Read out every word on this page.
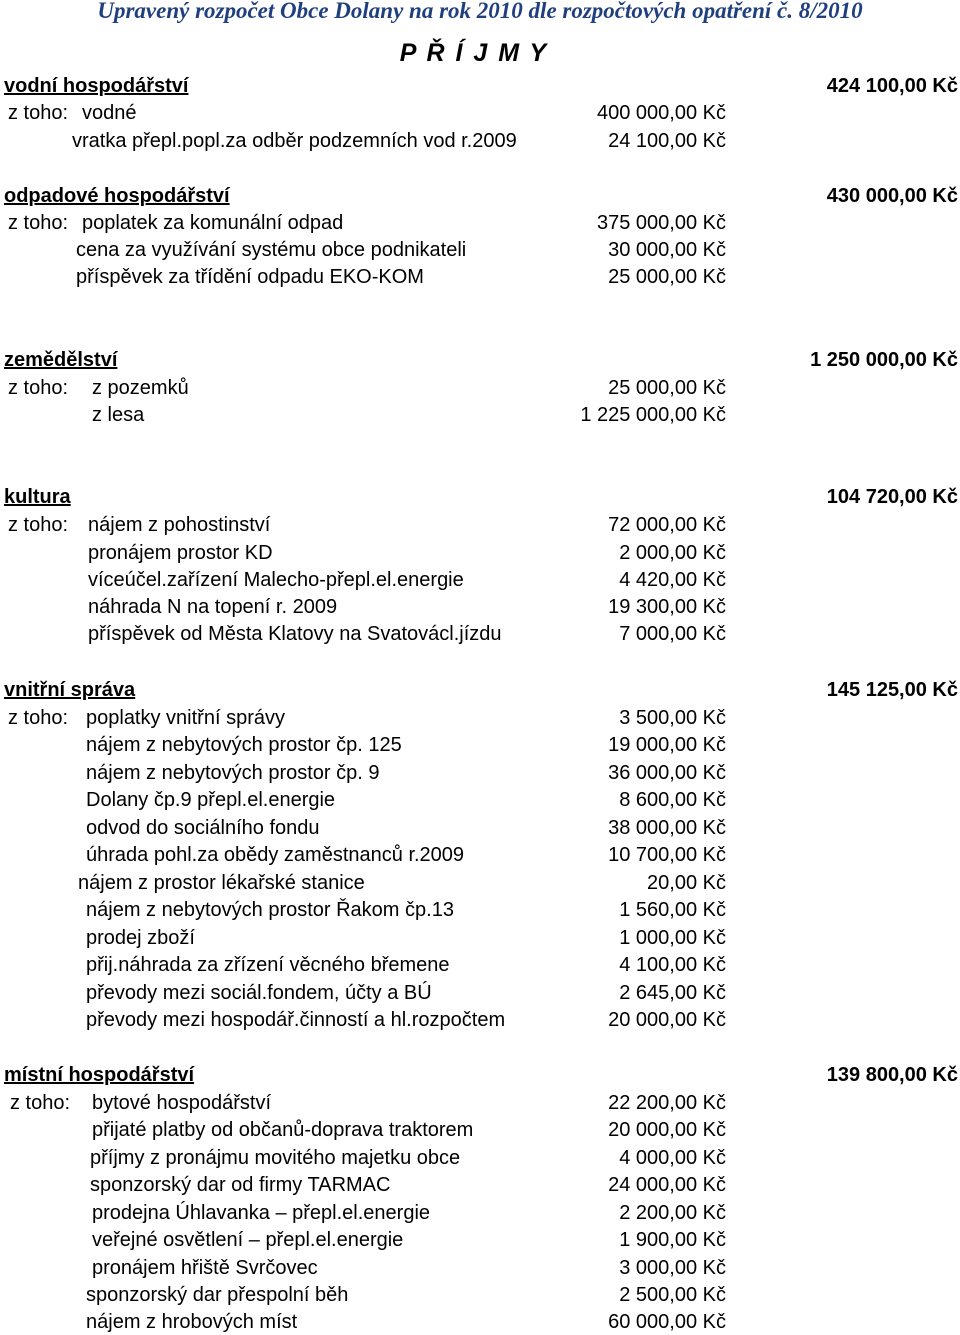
Upravený rozpočet Obce Dolany na rok 2010 dle rozpočtových opatření č. 8/2010
P Ř Í J M Y
vodní hospodářství	424 100,00 Kč
z toho: vodné	400 000,00 Kč
vratka přepl.popl.za odběr podzemních vod r.2009	24 100,00 Kč
odpadové hospodářství	430 000,00 Kč
z toho: poplatek za komunální odpad	375 000,00 Kč
cena za využívání systému obce podnikateli	30 000,00 Kč
příspěvek za třídění odpadu EKO-KOM	25 000,00 Kč
zemědělství	1 250 000,00 Kč
z toho: z pozemků	25 000,00 Kč
z lesa	1 225 000,00 Kč
kultura	104 720,00 Kč
z toho: nájem z pohostinství	72 000,00 Kč
pronájem prostor KD	2 000,00 Kč
víceúčel.zařízení Malecho-přepl.el.energie	4 420,00 Kč
náhrada N na topení r. 2009	19 300,00 Kč
příspěvek od Města Klatovy na Svatovácl.jízdu	7 000,00 Kč
vnitřní správa	145 125,00 Kč
z toho: poplatky vnitřní správy	3 500,00 Kč
nájem z nebytových prostor čp. 125	19 000,00 Kč
nájem z nebytových prostor čp. 9	36 000,00 Kč
Dolany čp.9 přepl.el.energie	8 600,00 Kč
odvod do sociálního fondu	38 000,00 Kč
úhrada pohl.za obědy zaměstnanců r.2009	10 700,00 Kč
nájem z prostor lékařské stanice	20,00 Kč
nájem z nebytových prostor Řakom čp.13	1 560,00 Kč
prodej zboží	1 000,00 Kč
přij.náhrada za zřízení věcného břemene	4 100,00 Kč
převody mezi sociál.fondem, účty a BÚ	2 645,00 Kč
převody mezi hospodář.činností a hl.rozpočtem	20 000,00 Kč
místní hospodářství	139 800,00 Kč
z toho: bytové hospodářství	22 200,00 Kč
přijaté platby od občanů-doprava traktorem	20 000,00 Kč
příjmy z pronájmu movitého majetku obce	4 000,00 Kč
sponzorský dar od firmy TARMAC	24 000,00 Kč
prodejna Úhlavanka – přepl.el.energie	2 200,00 Kč
veřejné osvětlení – přepl.el.energie	1 900,00 Kč
pronájem hřiště Svrčovec	3 000,00 Kč
sponzorský dar přespolní běh	2 500,00 Kč
nájem z hrobových míst	60 000,00 Kč
